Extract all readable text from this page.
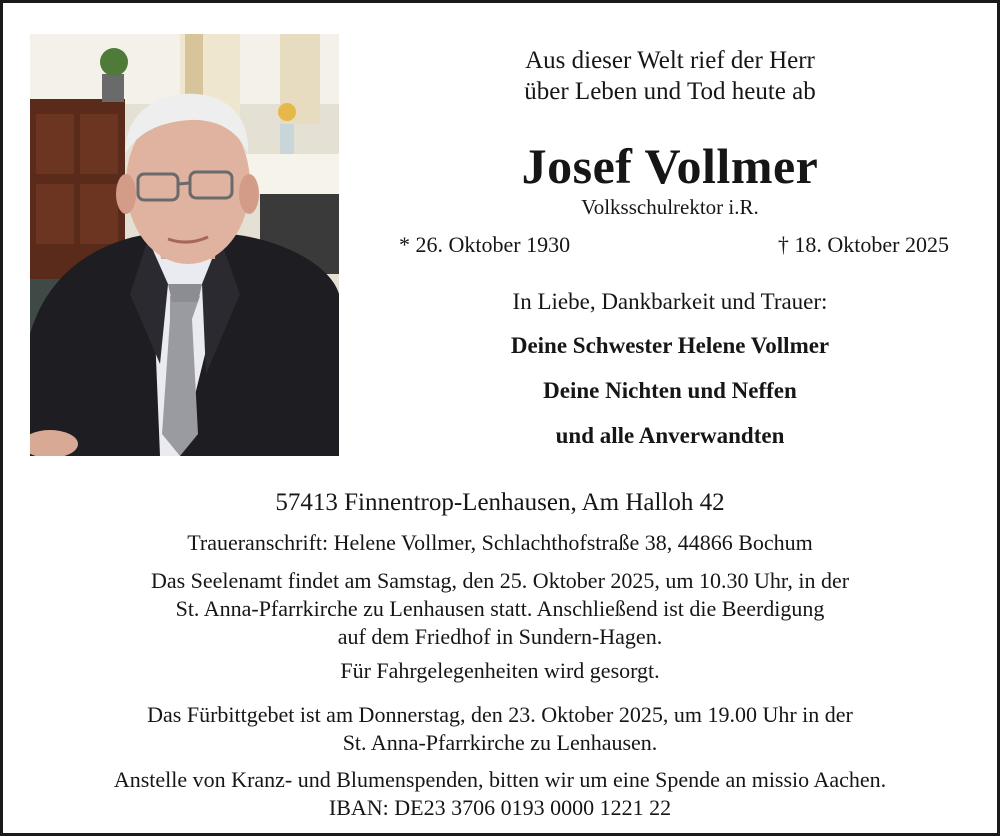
Aus dieser Welt rief der Herr
über Leben und Tod heute ab
Josef Vollmer
Volksschulrektor i.R.
* 26. Oktober 1930	† 18. Oktober 2025
In Liebe, Dankbarkeit und Trauer:
Deine Schwester Helene Vollmer
Deine Nichten und Neffen
und alle Anverwandten
57413 Finnentrop-Lenhausen, Am Halloh 42
Traueranschrift: Helene Vollmer, Schlachthofstraße 38, 44866 Bochum
Das Seelenamt findet am Samstag, den 25. Oktober 2025, um 10.30 Uhr, in der
St. Anna-Pfarrkirche zu Lenhausen statt. Anschließend ist die Beerdigung
auf dem Friedhof in Sundern-Hagen.
Für Fahrgelegenheiten wird gesorgt.
Das Fürbittgebet ist am Donnerstag, den 23. Oktober 2025, um 19.00 Uhr in der
St. Anna-Pfarrkirche zu Lenhausen.
Anstelle von Kranz- und Blumenspenden, bitten wir um eine Spende an missio Aachen.
IBAN: DE23 3706 0193 0000 1221 22
